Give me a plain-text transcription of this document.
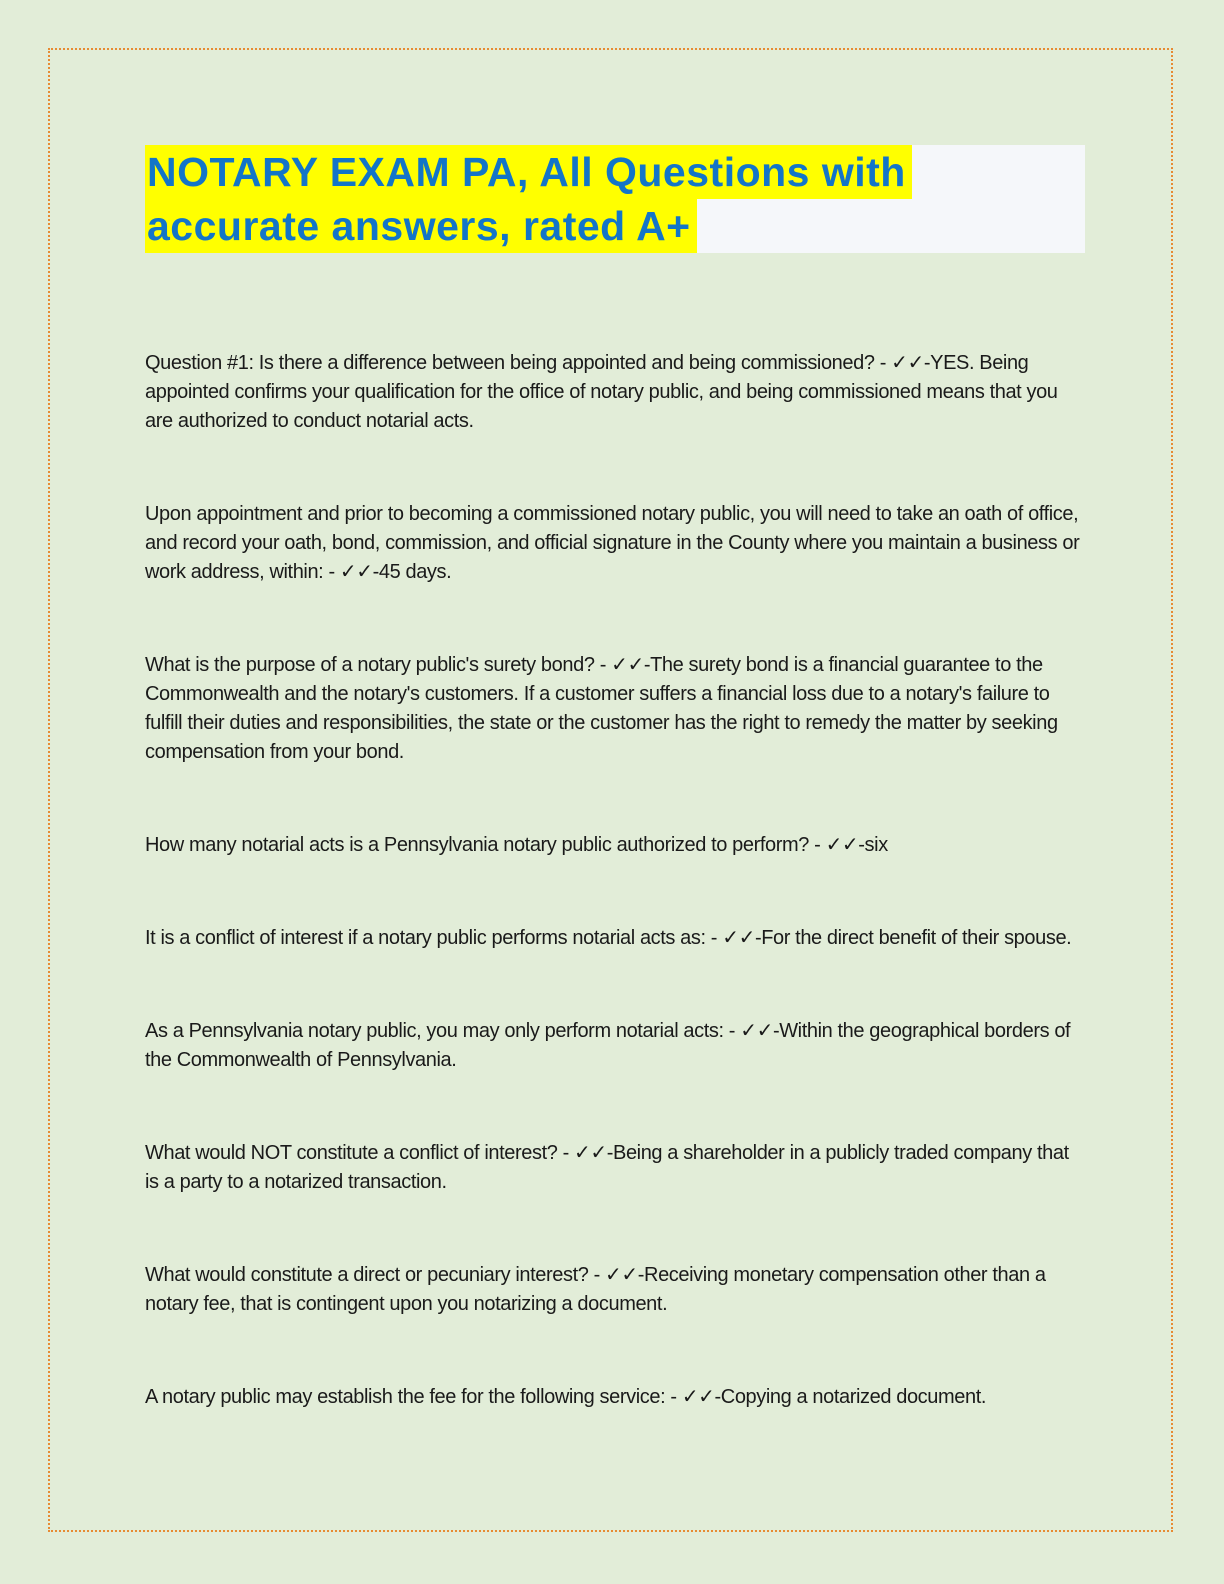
NOTARY EXAM PA, All Questions with
accurate answers, rated A+

Question #1: Is there a difference between being appointed and being commissioned? - ✓✓-YES. Being appointed confirms your qualification for the office of notary public, and being commissioned means that you are authorized to conduct notarial acts.

Upon appointment and prior to becoming a commissioned notary public, you will need to take an oath of office, and record your oath, bond, commission, and official signature in the County where you maintain a business or work address, within: - ✓✓-45 days.

What is the purpose of a notary public's surety bond? - ✓✓-The surety bond is a financial guarantee to the Commonwealth and the notary's customers. If a customer suffers a financial loss due to a notary's failure to fulfill their duties and responsibilities, the state or the customer has the right to remedy the matter by seeking compensation from your bond.

How many notarial acts is a Pennsylvania notary public authorized to perform? - ✓✓-six

It is a conflict of interest if a notary public performs notarial acts as: - ✓✓-For the direct benefit of their spouse.

As a Pennsylvania notary public, you may only perform notarial acts: - ✓✓-Within the geographical borders of the Commonwealth of Pennsylvania.

What would NOT constitute a conflict of interest? - ✓✓-Being a shareholder in a publicly traded company that is a party to a notarized transaction.

What would constitute a direct or pecuniary interest? - ✓✓-Receiving monetary compensation other than a notary fee, that is contingent upon you notarizing a document.

A notary public may establish the fee for the following service: - ✓✓-Copying a notarized document.
